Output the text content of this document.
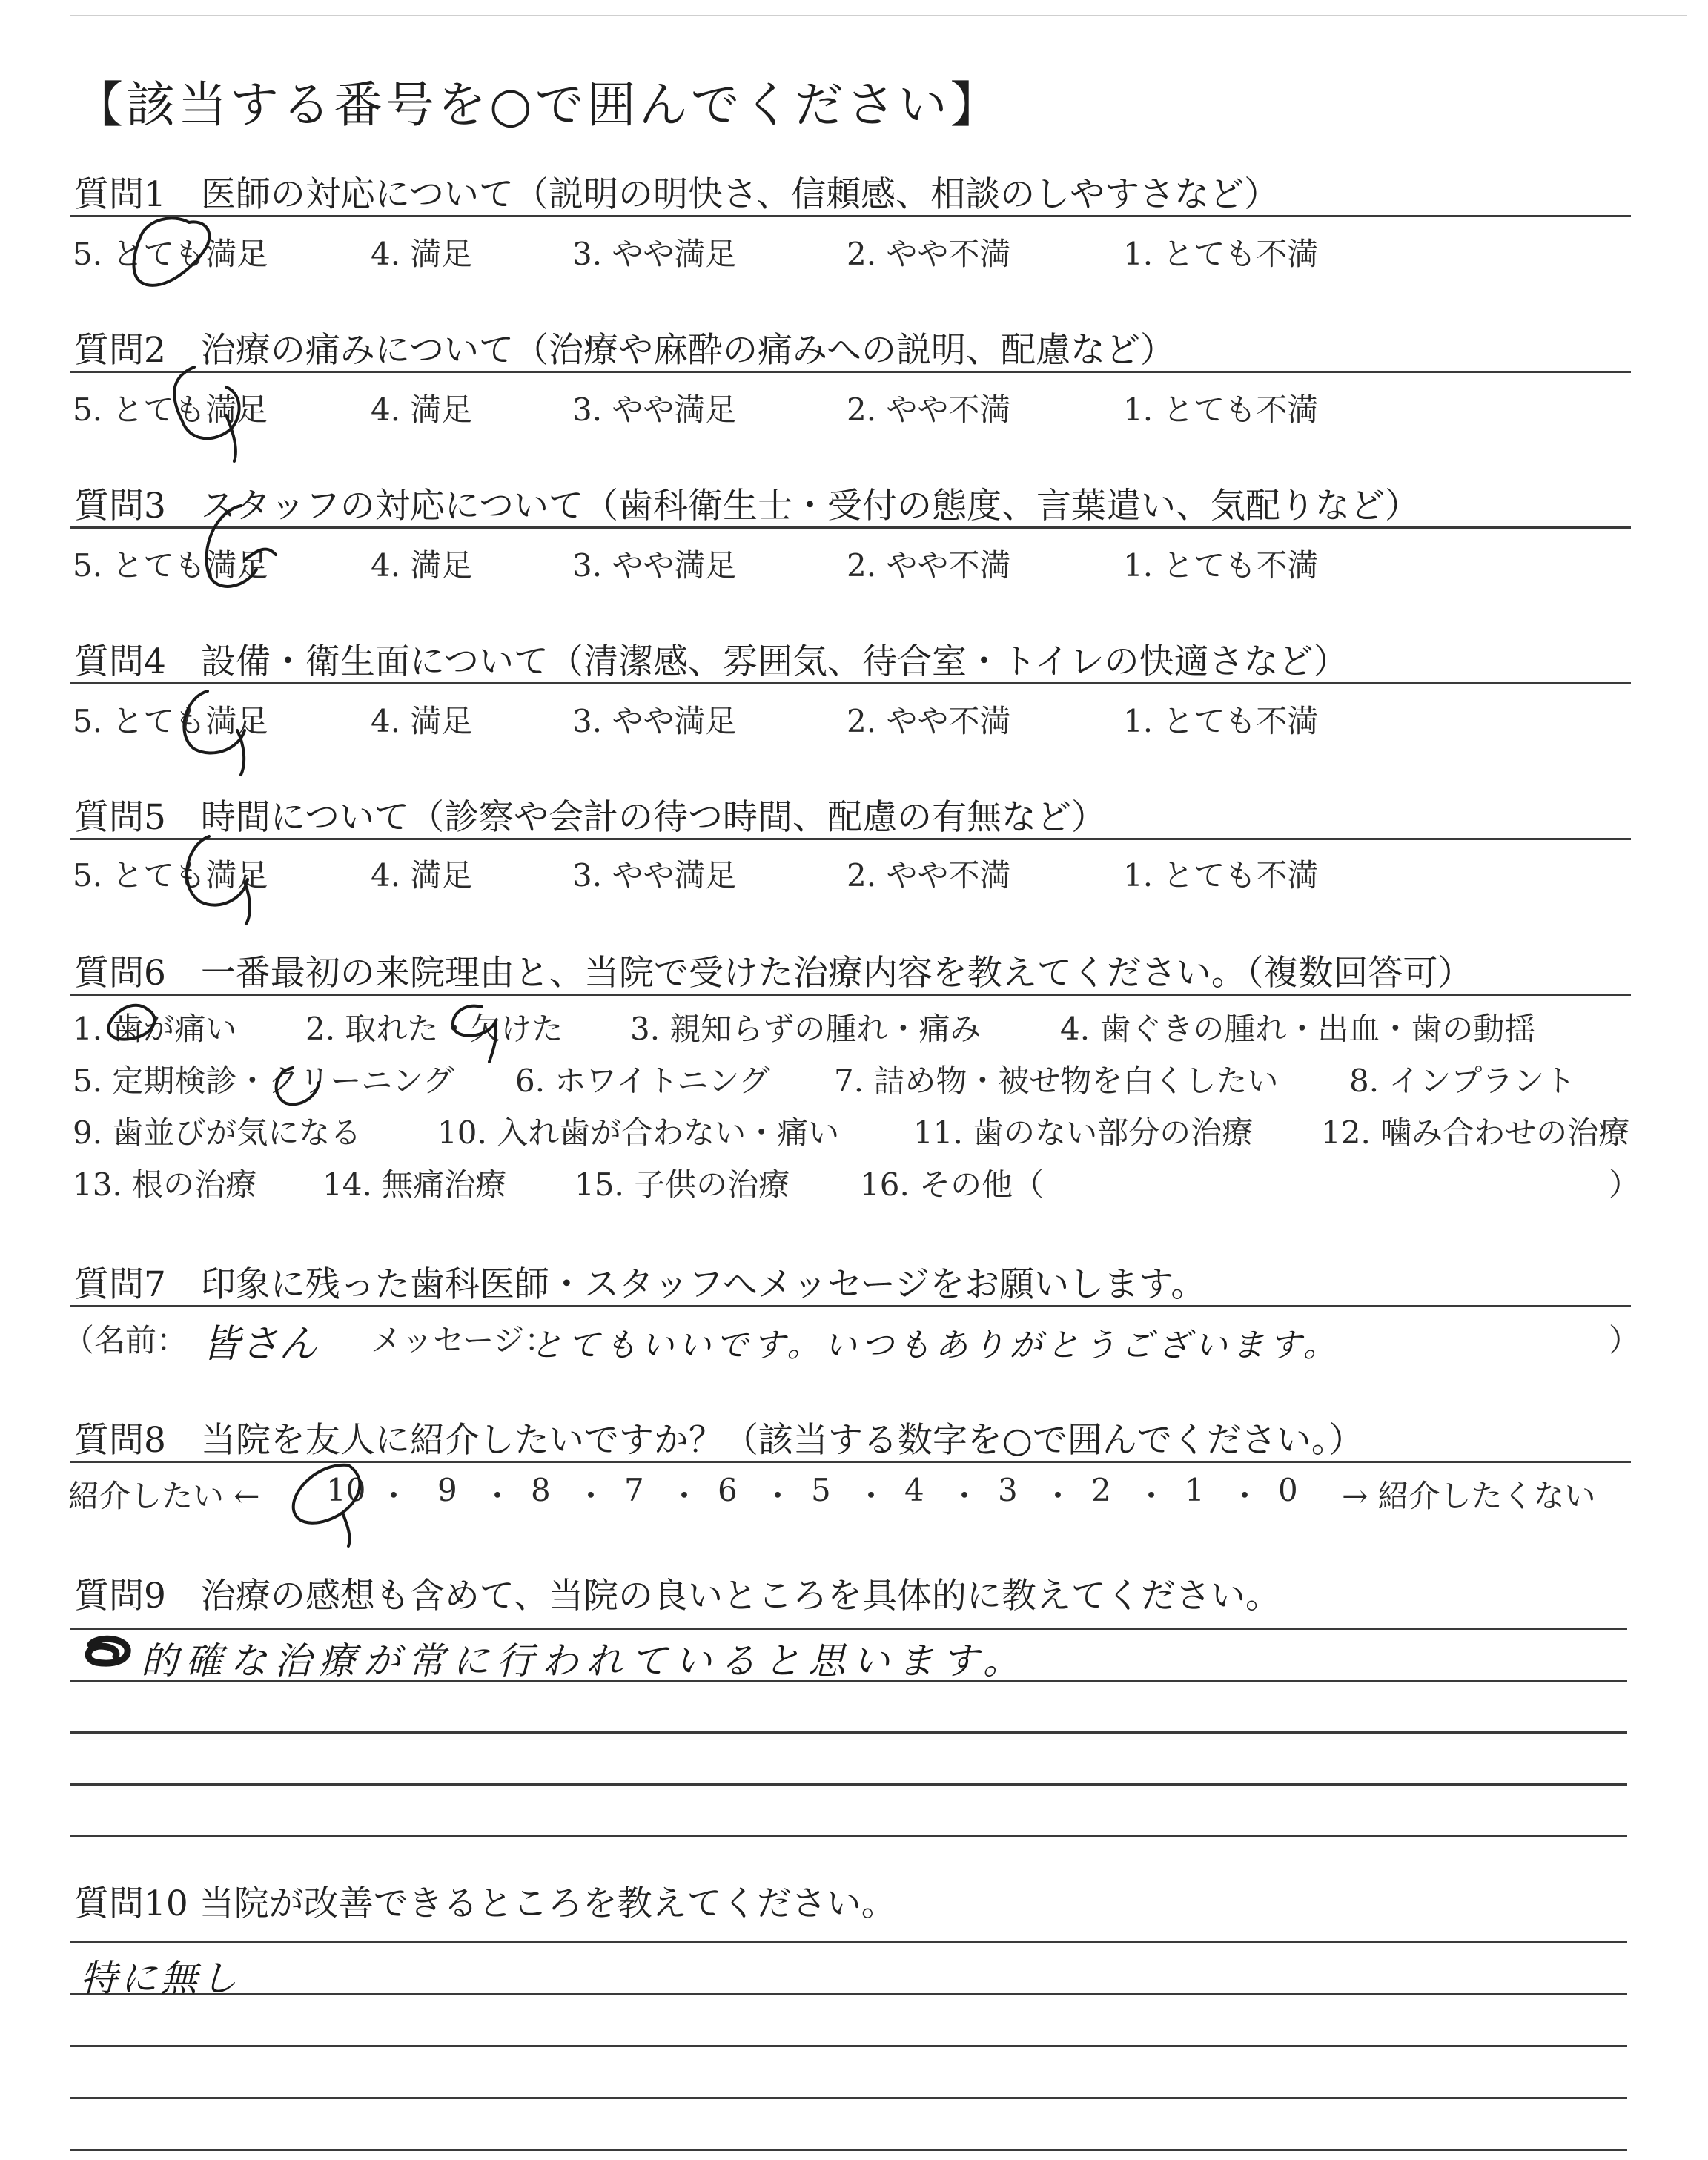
【該当する番号を○で囲んでください】
質問1　医師の対応について（説明の明快さ、信頼感、相談のしやすさなど）
5. とても満足	4. 満足	3. やや満足	2. やや不満	1. とても不満
質問2　治療の痛みについて（治療や麻酔の痛みへの説明、配慮など）
5. とても満足	4. 満足	3. やや満足	2. やや不満	1. とても不満
質問3　スタッフの対応について（歯科衛生士・受付の態度、言葉遣い、気配りなど）
5. とても満足	4. 満足	3. やや満足	2. やや不満	1. とても不満
質問4　設備・衛生面について（清潔感、雰囲気、待合室・トイレの快適さなど）
5. とても満足	4. 満足	3. やや満足	2. やや不満	1. とても不満
質問5　時間について（診察や会計の待つ時間、配慮の有無など）
5. とても満足	4. 満足	3. やや満足	2. やや不満	1. とても不満
質問6　一番最初の来院理由と、当院で受けた治療内容を教えてください。（複数回答可）
1. 歯が痛い 2. 取れた・欠けた 3. 親知らずの腫れ・痛み	4. 歯ぐきの腫れ・出血・歯の動揺
5. 定期検診・クリーニング 6. ホワイトニング 7. 詰め物・被せ物を白くしたい 8. インプラント
9. 歯並びが気になる 10. 入れ歯が合わない・痛い 11. 歯のない部分の治療 12. 噛み合わせの治療
13. 根の治療 14. 無痛治療 15. 子供の治療 16. その他（	）
質問7　印象に残った歯科医師・スタッフへメッセージをお願いします。
（名前： 皆さん メッセージ：
とてもいいです。いつもありがとうございます。	）
質問8　当院を友人に紹介したいですか？（該当する数字を○で囲んでください。）
紹介したい ← 10 9 8 7 6 5 4 3 2 1 0
・ ・ ・ ・ ・ ・ ・ ・ ・ ・	→ 紹介したくない
質問9　治療の感想も含めて、当院の良いところを具体的に教えてください。
的確な治療が常に行われていると思います。
質問10 当院が改善できるところを教えてください。
特に無し
